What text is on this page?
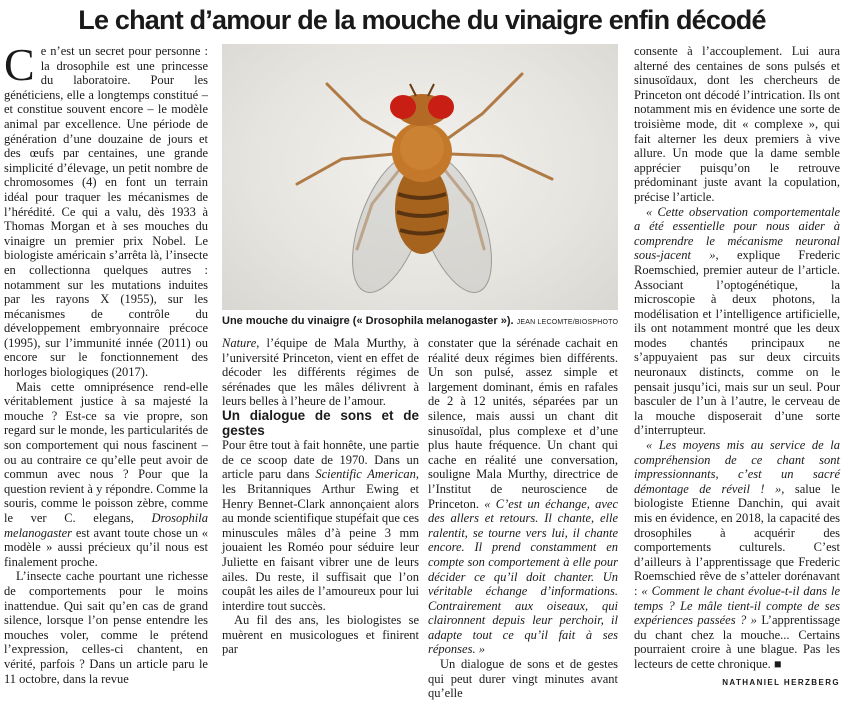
Le chant d’amour de la mouche du vinaigre enfin décodé

Ce n’est un secret pour personne : la drosophile est une princesse du laboratoire. Pour les généticiens, elle a longtemps constitué – et constitue souvent encore – le modèle animal par excellence. Une période de génération d’une douzaine de jours et des œufs par centaines, une grande simplicité d’élevage, un petit nombre de chromosomes (4) en font un terrain idéal pour traquer les mécanismes de l’hérédité. Ce qui a valu, dès 1933 à Thomas Morgan et à ses mouches du vinaigre un premier prix Nobel. Le biologiste américain s’arrêta là, l’insecte en collectionna quelques autres : notamment sur les mutations induites par les rayons X (1955), sur les mécanismes de contrôle du développement embryonnaire précoce (1995), sur l’immunité innée (2011) ou encore sur le fonctionnement des horloges biologiques (2017).

Mais cette omniprésence rend-elle véritablement justice à sa majesté la mouche ? Est-ce sa vie propre, son regard sur le monde, les particularités de son comportement qui nous fascinent – ou au contraire ce qu’elle peut avoir de commun avec nous ? Pour que la question revient à y répondre. Comme la souris, comme le poisson zèbre, comme le ver C. elegans, Drosophila melanogaster est avant toute chose un « modèle » aussi précieux qu’il nous est finalement proche.

L’insecte cache pourtant une richesse de comportements pour le moins inattendue. Qui sait qu’en cas de grand silence, lorsque l’on pense entendre les mouches voler, comme le prétend l’expression, celles-ci chantent, en vérité, parfois ? Dans un article paru le 11 octobre, dans la revue

Une mouche du vinaigre (« Drosophila melanogaster »). JEAN LECOMTE/BIOSPHOTO

Nature, l’équipe de Mala Murthy, à l’université Princeton, vient en effet de décoder les différents régimes de sérénades que les mâles délivrent à leurs belles à l’heure de l’amour.

Un dialogue de sons et de gestes

Pour être tout à fait honnête, une partie de ce scoop date de 1970. Dans un article paru dans Scientific American, les Britanniques Arthur Ewing et Henry Bennet-Clark annonçaient alors au monde scientifique stupéfait que ces minuscules mâles d’à peine 3 mm jouaient les Roméo pour séduire leur Juliette en faisant vibrer une de leurs ailes. Du reste, il suffisait que l’on coupât les ailes de l’amoureux pour lui interdire tout succès.

Au fil des ans, les biologistes se muèrent en musicologues et finirent par

constater que la sérénade cachait en réalité deux régimes bien différents. Un son pulsé, assez simple et largement dominant, émis en rafales de 2 à 12 unités, séparées par un silence, mais aussi un chant dit sinusoïdal, plus complexe et d’une plus haute fréquence. Un chant qui cache en réalité une conversation, souligne Mala Murthy, directrice de l’Institut de neuroscience de Princeton. « C’est un échange, avec des allers et retours. Il chante, elle ralentit, se tourne vers lui, il chante encore. Il prend constamment en compte son comportement à elle pour décider ce qu’il doit chanter. Un véritable échange d’informations. Contrairement aux oiseaux, qui claironnent depuis leur perchoir, il adapte tout ce qu’il fait à ses réponses. »

Un dialogue de sons et de gestes qui peut durer vingt minutes avant qu’elle

consente à l’accouplement. Lui aura alterné des centaines de sons pulsés et sinusoïdaux, dont les chercheurs de Princeton ont décodé l’intrication. Ils ont notamment mis en évidence une sorte de troisième mode, dit « complexe », qui fait alterner les deux premiers à vive allure. Un mode que la dame semble apprécier puisqu’on le retrouve prédominant juste avant la copulation, précise l’article.

« Cette observation comportementale a été essentielle pour nous aider à comprendre le mécanisme neuronal sous-jacent », explique Frederic Roemschied, premier auteur de l’article. Associant l’optogénétique, la microscopie à deux photons, la modélisation et l’intelligence artificielle, ils ont notamment montré que les deux modes chantés principaux ne s’appuyaient pas sur deux circuits neuronaux distincts, comme on le pensait jusqu’ici, mais sur un seul. Pour basculer de l’un à l’autre, le cerveau de la mouche disposerait d’une sorte d’interrupteur.

« Les moyens mis au service de la compréhension de ce chant sont impressionnants, c’est un sacré démontage de réveil ! », salue le biologiste Etienne Danchin, qui avait mis en évidence, en 2018, la capacité des drosophiles à acquérir des comportements culturels. C’est d’ailleurs à l’apprentissage que Frederic Roemschied rêve de s’atteler dorénavant : « Comment le chant évolue-t-il dans le temps ? Le mâle tient-il compte de ses expériences passées ? » L’apprentissage du chant chez la mouche... Certains pourraient croire à une blague. Pas les lecteurs de cette chronique. ■

NATHANIEL HERZBERG
